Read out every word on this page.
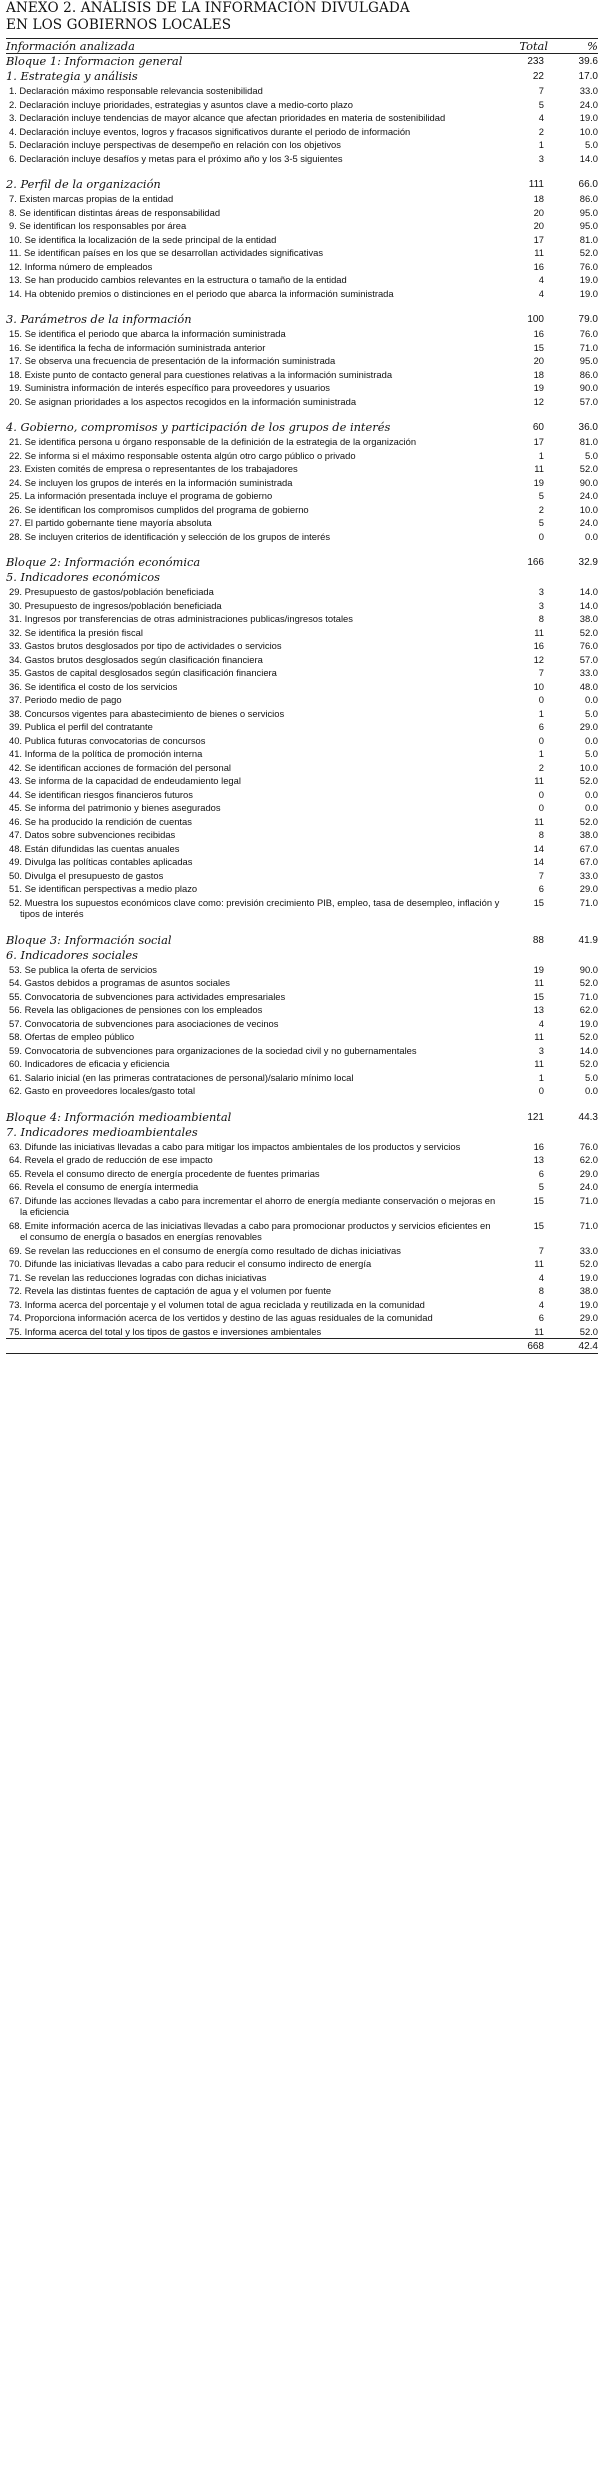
ANEXO 2. ANÁLISIS DE LA INFORMACIÓN DIVULGADA
EN LOS GOBIERNOS LOCALES
Información analizada	Total	%
Bloque 1: Informacion general	233	39.6
1. Estrategia y análisis	22	17.0
1. Declaración máximo responsable relevancia sostenibilidad	7	33.0
2. Declaración incluye prioridades, estrategias y asuntos clave a medio-corto plazo	5	24.0
3. Declaración incluye tendencias de mayor alcance que afectan prioridades en materia de sostenibilidad	4	19.0
4. Declaración incluye eventos, logros y fracasos significativos durante el periodo de información	2	10.0
5. Declaración incluye perspectivas de desempeño en relación con los objetivos	1	5.0
6. Declaración incluye desafíos y metas para el próximo año y los 3-5 siguientes	3	14.0

2. Perfil de la organización	111	66.0
7. Existen marcas propias de la entidad	18	86.0
8. Se identifican distintas áreas de responsabilidad	20	95.0
9. Se identifican los responsables por área	20	95.0
10. Se identifica la localización de la sede principal de la entidad	17	81.0
11. Se identifican países en los que se desarrollan actividades significativas	11	52.0
12. Informa número de empleados	16	76.0
13. Se han producido cambios relevantes en la estructura o tamaño de la entidad	4	19.0
14. Ha obtenido premios o distinciones en el periodo que abarca la información suministrada	4	19.0

3. Parámetros de la información	100	79.0
15. Se identifica el periodo que abarca la información suministrada	16	76.0
16. Se identifica la fecha de información suministrada anterior	15	71.0
17. Se observa una frecuencia de presentación de la información suministrada	20	95.0
18. Existe punto de contacto general para cuestiones relativas a la información suministrada	18	86.0
19. Suministra información de interés específico para proveedores y usuarios	19	90.0
20. Se asignan prioridades a los aspectos recogidos en la información suministrada	12	57.0

4. Gobierno, compromisos y participación de los grupos de interés	60	36.0
21. Se identifica persona u órgano responsable de la definición de la estrategia de la organización	17	81.0
22. Se informa si el máximo responsable ostenta algún otro cargo público o privado	1	5.0
23. Existen comités de empresa o representantes de los trabajadores	11	52.0
24. Se incluyen los grupos de interés en la información suministrada	19	90.0
25. La información presentada incluye el programa de gobierno	5	24.0
26. Se identifican los compromisos cumplidos del programa de gobierno	2	10.0
27. El partido gobernante tiene mayoría absoluta	5	24.0
28. Se incluyen criterios de identificación y selección de los grupos de interés	0	0.0

Bloque 2: Información económica	166	32.9
5. Indicadores económicos		
29. Presupuesto de gastos/población beneficiada	3	14.0
30. Presupuesto de ingresos/población beneficiada	3	14.0
31. Ingresos por transferencias de otras administraciones publicas/ingresos totales	8	38.0
32. Se identifica la presión fiscal	11	52.0
33. Gastos brutos desglosados por tipo de actividades o servicios	16	76.0
34. Gastos brutos desglosados según clasificación financiera	12	57.0
35. Gastos de capital desglosados según clasificación financiera	7	33.0
36. Se identifica el costo de los servicios	10	48.0
37. Periodo medio de pago	0	0.0
38. Concursos vigentes para abastecimiento de bienes o servicios	1	5.0
39. Publica el perfil del contratante	6	29.0
40. Publica futuras convocatorias de concursos	0	0.0
41. Informa de la política de promoción interna	1	5.0
42. Se identifican acciones de formación del personal	2	10.0
43. Se informa de la capacidad de endeudamiento legal	11	52.0
44. Se identifican riesgos financieros futuros	0	0.0
45. Se informa del patrimonio y bienes asegurados	0	0.0
46. Se ha producido la rendición de cuentas	11	52.0
47. Datos sobre subvenciones recibidas	8	38.0
48. Están difundidas las cuentas anuales	14	67.0
49. Divulga las políticas contables aplicadas	14	67.0
50. Divulga el presupuesto de gastos	7	33.0
51. Se identifican perspectivas a medio plazo	6	29.0
52. Muestra los supuestos económicos clave como: previsión crecimiento PIB, empleo, tasa de desempleo, inflación y tipos de interés	15	71.0

Bloque 3: Información social	88	41.9
6. Indicadores sociales		
53. Se publica la oferta de servicios	19	90.0
54. Gastos debidos a programas de asuntos sociales	11	52.0
55. Convocatoria de subvenciones para actividades empresariales	15	71.0
56. Revela las obligaciones de pensiones con los empleados	13	62.0
57. Convocatoria de subvenciones para asociaciones de vecinos	4	19.0
58. Ofertas de empleo público	11	52.0
59. Convocatoria de subvenciones para organizaciones de la sociedad civil y no gubernamentales	3	14.0
60. Indicadores de eficacia y eficiencia	11	52.0
61. Salario inicial (en las primeras contrataciones de personal)/salario mínimo local	1	5.0
62. Gasto en proveedores locales/gasto total	0	0.0

Bloque 4: Información medioambiental	121	44.3
7. Indicadores medioambientales		
63. Difunde las iniciativas llevadas a cabo para mitigar los impactos ambientales de los productos y servicios	16	76.0
64. Revela el grado de reducción de ese impacto	13	62.0
65. Revela el consumo directo de energía procedente de fuentes primarias	6	29.0
66. Revela el consumo de energía intermedia	5	24.0
67. Difunde las acciones llevadas a cabo para incrementar el ahorro de energía mediante conservación o mejoras en la eficiencia	15	71.0
68. Emite información acerca de las iniciativas llevadas a cabo para promocionar productos y servicios eficientes en el consumo de energía o basados en energías renovables	15	71.0
69. Se revelan las reducciones en el consumo de energía como resultado de dichas iniciativas	7	33.0
70. Difunde las iniciativas llevadas a cabo para reducir el consumo indirecto de energía	11	52.0
71. Se revelan las reducciones logradas con dichas iniciativas	4	19.0
72. Revela las distintas fuentes de captación de agua y el volumen por fuente	8	38.0
73. Informa acerca del porcentaje y el volumen total de agua reciclada y reutilizada en la comunidad	4	19.0
74. Proporciona información acerca de los vertidos y destino de las aguas residuales de la comunidad	6	29.0
75. Informa acerca del total y los tipos de gastos e inversiones ambientales	11	52.0
	668	42.4
